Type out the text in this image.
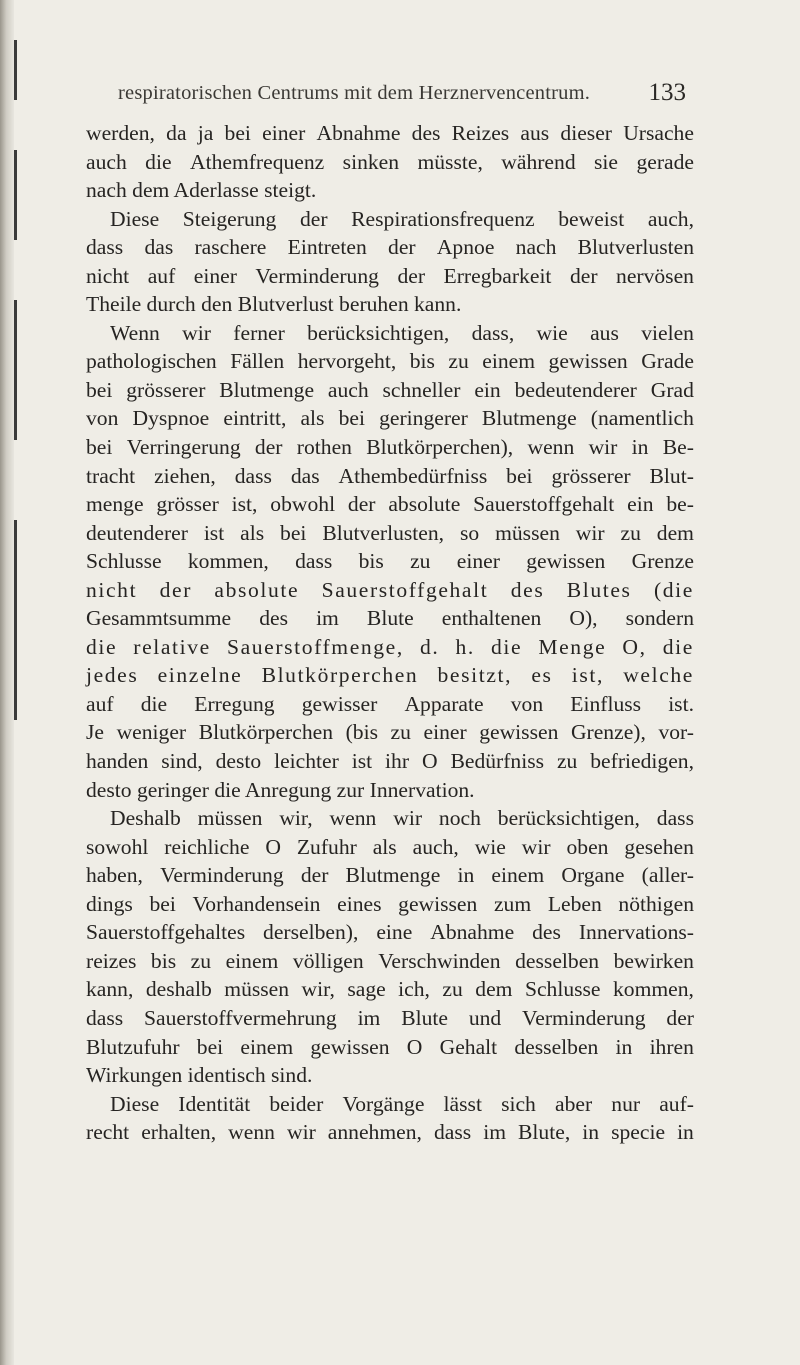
respiratorischen Centrums mit dem Herznervencentrum. 133
werden, da ja bei einer Abnahme des Reizes aus dieser Ursache
auch die Athemfrequenz sinken müsste, während sie gerade
nach dem Aderlasse steigt.
Diese Steigerung der Respirationsfrequenz beweist auch,
dass das raschere Eintreten der Apnoe nach Blutverlusten
nicht auf einer Verminderung der Erregbarkeit der nervösen
Theile durch den Blutverlust beruhen kann.
Wenn wir ferner berücksichtigen, dass, wie aus vielen
pathologischen Fällen hervorgeht, bis zu einem gewissen Grade
bei grösserer Blutmenge auch schneller ein bedeutenderer Grad
von Dyspnoe eintritt, als bei geringerer Blutmenge (namentlich
bei Verringerung der rothen Blutkörperchen), wenn wir in Be-
tracht ziehen, dass das Athembedürfniss bei grösserer Blut-
menge grösser ist, obwohl der absolute Sauerstoffgehalt ein be-
deutenderer ist als bei Blutverlusten, so müssen wir zu dem
Schlusse kommen, dass bis zu einer gewissen Grenze
nicht der absolute Sauerstoffgehalt des Blutes (die
Gesammtsumme des im Blute enthaltenen O), sondern
die relative Sauerstoffmenge, d. h. die Menge O, die
jedes einzelne Blutkörperchen besitzt, es ist, welche
auf die Erregung gewisser Apparate von Einfluss ist.
Je weniger Blutkörperchen (bis zu einer gewissen Grenze), vor-
handen sind, desto leichter ist ihr O Bedürfniss zu befriedigen,
desto geringer die Anregung zur Innervation.
Deshalb müssen wir, wenn wir noch berücksichtigen, dass
sowohl reichliche O Zufuhr als auch, wie wir oben gesehen
haben, Verminderung der Blutmenge in einem Organe (aller-
dings bei Vorhandensein eines gewissen zum Leben nöthigen
Sauerstoffgehaltes derselben), eine Abnahme des Innervations-
reizes bis zu einem völligen Verschwinden desselben bewirken
kann, deshalb müssen wir, sage ich, zu dem Schlusse kommen,
dass Sauerstoffvermehrung im Blute und Verminderung der
Blutzufuhr bei einem gewissen O Gehalt desselben in ihren
Wirkungen identisch sind.
Diese Identität beider Vorgänge lässt sich aber nur auf-
recht erhalten, wenn wir annehmen, dass im Blute, in specie in
